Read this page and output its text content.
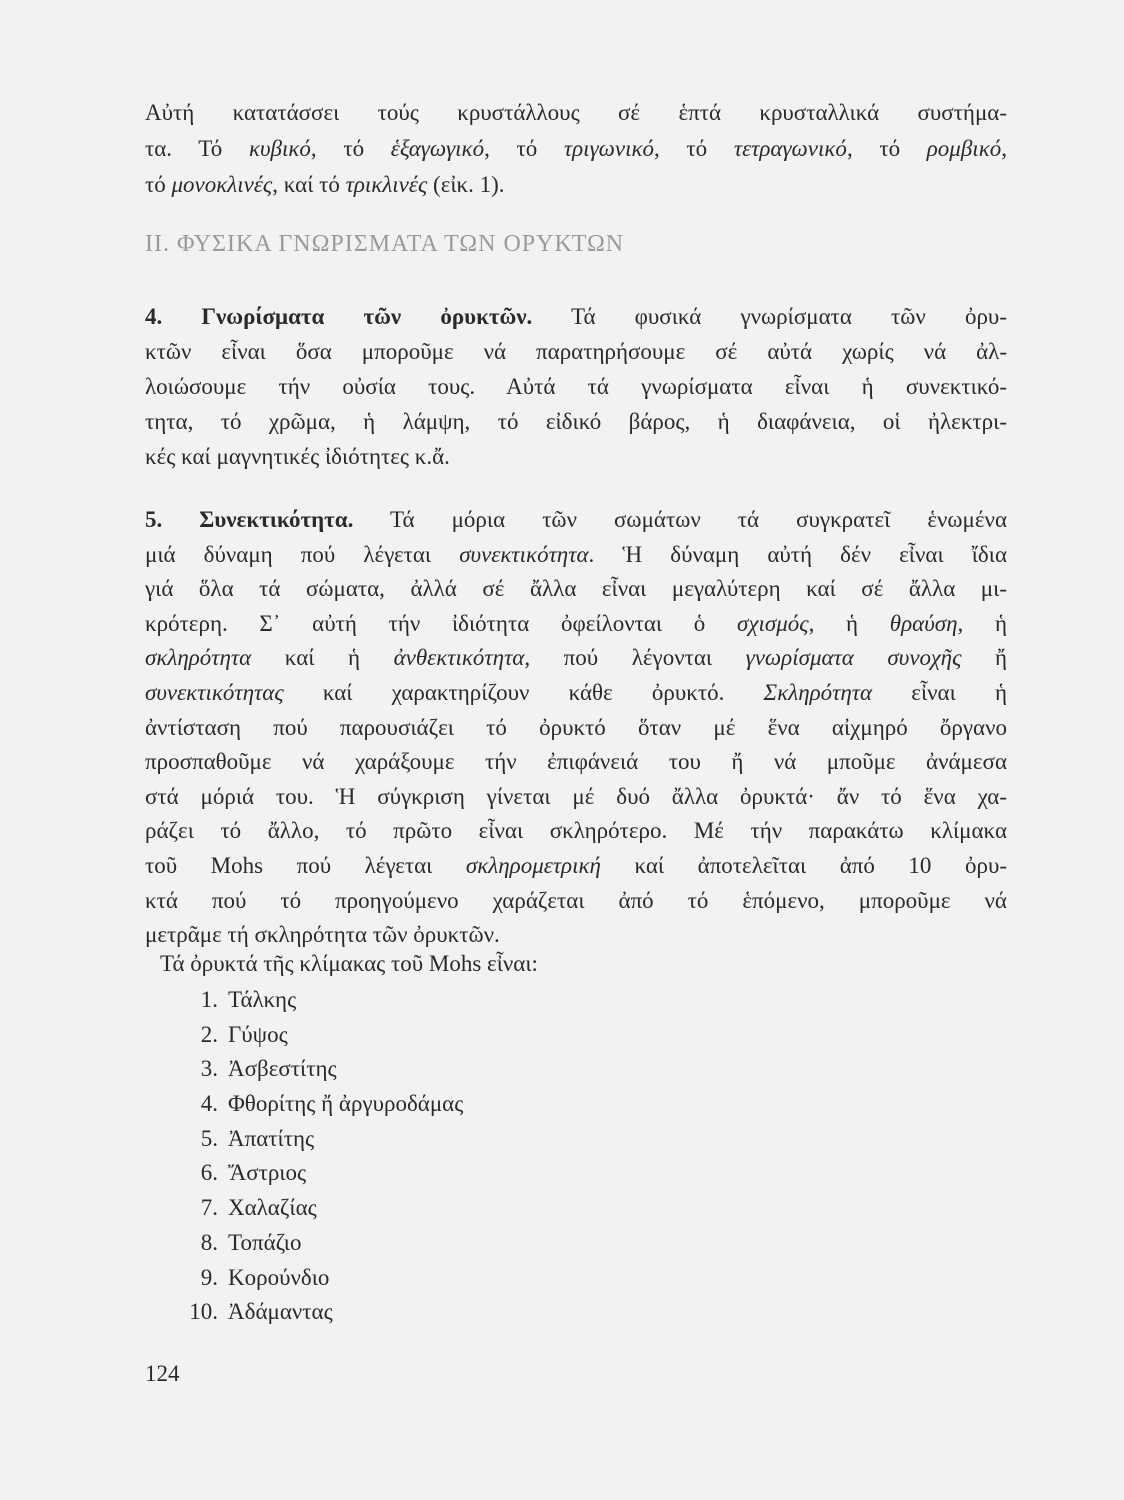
Αὐτή κατατάσσει τούς κρυστάλλους σέ ἑπτά κρυσταλλικά συστήμα-
τα. Τό κυβικό, τό ἑξαγωγικό, τό τριγωνικό, τό τετραγωνικό, τό ρομβικό,
τό μονοκλινές, καί τό τρικλινές (εἰκ. 1).
II. ΦΥΣΙΚΑ ΓΝΩΡΙΣΜΑΤΑ ΤΩΝ ΟΡΥΚΤΩΝ
4. Γνωρίσματα τῶν ὀρυκτῶν. Τά φυσικά γνωρίσματα τῶν ὀρυ-
κτῶν εἶναι ὅσα μποροῦμε νά παρατηρήσουμε σέ αὐτά χωρίς νά ἀλ-
λοιώσουμε τήν οὐσία τους. Αὐτά τά γνωρίσματα εἶναι ἡ συνεκτικό-
τητα, τό χρῶμα, ἡ λάμψη, τό εἰδικό βάρος, ἡ διαφάνεια, οἱ ἠλεκτρι-
κές καί μαγνητικές ἰδιότητες κ.ἄ.
5. Συνεκτικότητα. Τά μόρια τῶν σωμάτων τά συγκρατεῖ ἑνωμένα
μιά δύναμη πού λέγεται συνεκτικότητα. Ἡ δύναμη αὐτή δέν εἶναι ἴδια
γιά ὅλα τά σώματα, ἀλλά σέ ἄλλα εἶναι μεγαλύτερη καί σέ ἄλλα μι-
κρότερη. Σ᾽ αὐτή τήν ἰδιότητα ὀφείλονται ὁ σχισμός, ἡ θραύση, ἡ
σκληρότητα καί ἡ ἀνθεκτικότητα, πού λέγονται γνωρίσματα συνοχῆς ἤ
συνεκτικότητας καί χαρακτηρίζουν κάθε ὀρυκτό. Σκληρότητα εἶναι ἡ
ἀντίσταση πού παρουσιάζει τό ὀρυκτό ὅταν μέ ἕνα αἰχμηρό ὄργανο
προσπαθοῦμε νά χαράξουμε τήν ἐπιφάνειά του ἤ νά μποῦμε ἀνάμεσα
στά μόριά του. Ἡ σύγκριση γίνεται μέ δυό ἄλλα ὀρυκτά· ἄν τό ἕνα χα-
ράζει τό ἄλλο, τό πρῶτο εἶναι σκληρότερο. Μέ τήν παρακάτω κλίμακα
τοῦ Mohs πού λέγεται σκληρομετρική καί ἀποτελεῖται ἀπό 10 ὀρυ-
κτά πού τό προηγούμενο χαράζεται ἀπό τό ἑπόμενο, μποροῦμε νά
μετρᾶμε τή σκληρότητα τῶν ὀρυκτῶν.
Τά ὀρυκτά τῆς κλίμακας τοῦ Mohs εἶναι:
1. Τάλκης
2. Γύψος
3. Ἀσβεστίτης
4. Φθορίτης ἤ ἀργυροδάμας
5. Ἀπατίτης
6. Ἄστριος
7. Χαλαζίας
8. Τοπάζιο
9. Κορούνδιο
10. Ἀδάμαντας
124
